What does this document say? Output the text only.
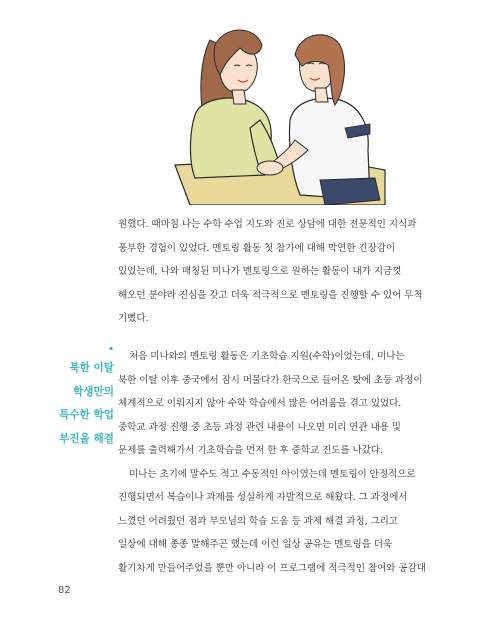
원했다. 때마침 나는 수학 수업 지도와 진로 상담에 대한 전문적인 지식과

풍부한 경험이 있었다. 멘토링 활동 첫 참가에 대해 막연한 긴장감이

있었는데, 나와 매칭된 미나가 멘토링으로 원하는 활동이 내가 지금껏

해오던 분야라 진심을 갖고 더욱 적극적으로 멘토링을 진행할 수 있어 무척

기뻤다.

•
북한 이탈
학생만의
특수한 학업
부진을 해결

처음 미나와의 멘토링 활동은 기초학습 지원(수학)이었는데, 미나는

북한 이탈 이후 중국에서 잠시 머물다가 한국으로 들어온 탓에 초등 과정이

체계적으로 이뤄지지 않아 수학 학습에서 많은 어려움을 겪고 있었다.

중학교 과정 진행 중 초등 과정 관련 내용이 나오면 미리 연관 내용 및

문제를 출력해가서 기초학습을 먼저 한 후 중학교 진도를 나갔다.

미나는 초기에 말수도 적고 수동적인 아이였는데 멘토링이 안정적으로

진행되면서 복습이나 과제를 성실하게 자발적으로 해왔다. 그 과정에서

느꼈던 어려웠던 점과 부모님의 학습 도움 등 과제 해결 과정, 그리고

일상에 대해 종종 말해주곤 했는데 이런 일상 공유는 멘토링을 더욱

활기차게 만들어주었을 뿐만 아니라 이 프로그램에 적극적인 참여와 공감대

82
